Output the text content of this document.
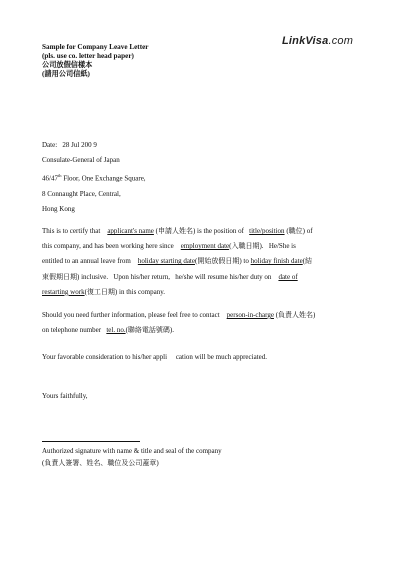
Sample for Company Leave Letter
(pls. use co. letter head paper)
公司放假信樣本
(請用公司信紙)
LinkVisa.com
Date: 28 Jul 200 9
Consulate-General of Japan
46/47th Floor, One Exchange Square,
8 Connaught Place, Central,
Hong Kong
This is to certify that applicant's name (申請人姓名) is the position of title/position (職位) of
this company, and has been working here since employment date(入職日期). He/She is
entitled to an annual leave from holiday starting date(開始放假日期) to holiday finish date(結
束假期日期) inclusive. Upon his/her return, he/she will resume his/her duty on date of
restarting work(復工日期) in this company.
Should you need further information, please feel free to contact person-in-charge (負責人姓名)
on telephone number tel. no.(聯絡電話號碼).
Your favorable consideration to his/her appli     cation will be much appreciated.
Yours faithfully,
Authorized signature with name & title and seal of the company
(負責人簽署、姓名、職位及公司蓋章)
